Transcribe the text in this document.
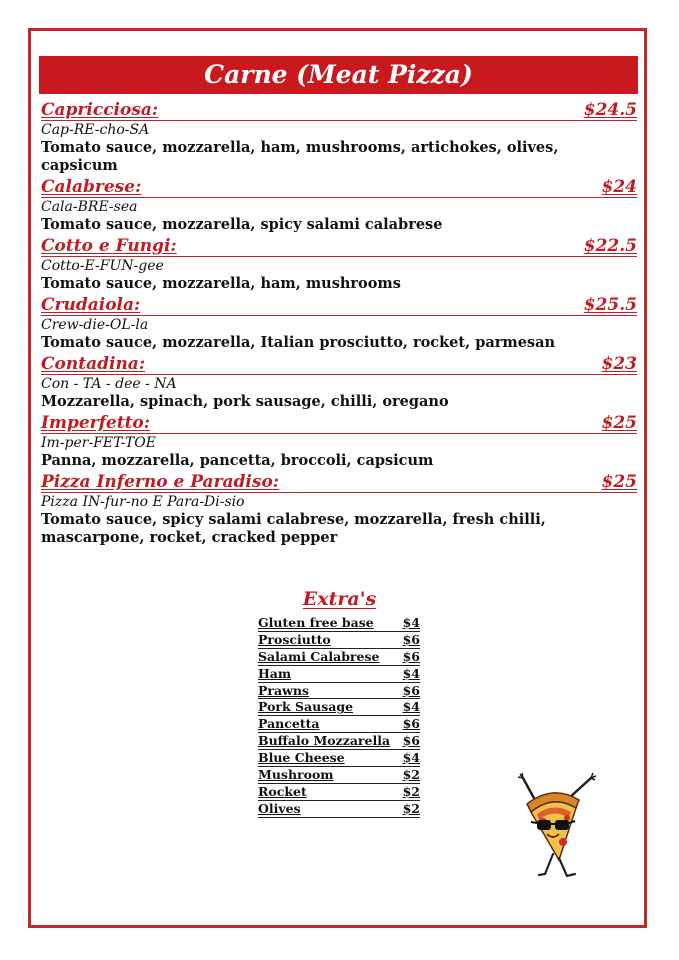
Carne (Meat Pizza)
Capricciosa:	$24.5
Cap-RE-cho-SA
Tomato sauce, mozzarella, ham, mushrooms, artichokes, olives, capsicum
Calabrese:	$24
Cala-BRE-sea
Tomato sauce, mozzarella, spicy salami calabrese
Cotto e Fungi:	$22.5
Cotto-E-FUN-gee
Tomato sauce, mozzarella, ham, mushrooms
Crudaiola:	$25.5
Crew-die-OL-la
Tomato sauce, mozzarella, Italian prosciutto, rocket, parmesan
Contadina:	$23
Con - TA - dee - NA
Mozzarella, spinach, pork sausage, chilli, oregano
Imperfetto:	$25
Im-per-FET-TOE
Panna, mozzarella, pancetta, broccoli, capsicum
Pizza Inferno e Paradiso:	$25
Pizza IN-fur-no E Para-Di-sio
Tomato sauce, spicy salami calabrese, mozzarella, fresh chilli, mascarpone, rocket, cracked pepper
Extra's
Gluten free base $4
Prosciutto	$6
Salami Calabrese $6
Ham	$4
Prawns	$6
Pork Sausage	$4
Pancetta	$6
Buffalo Mozzarella $6
Blue Cheese	$4
Mushroom	$2
Rocket	$2
Olives	$2
